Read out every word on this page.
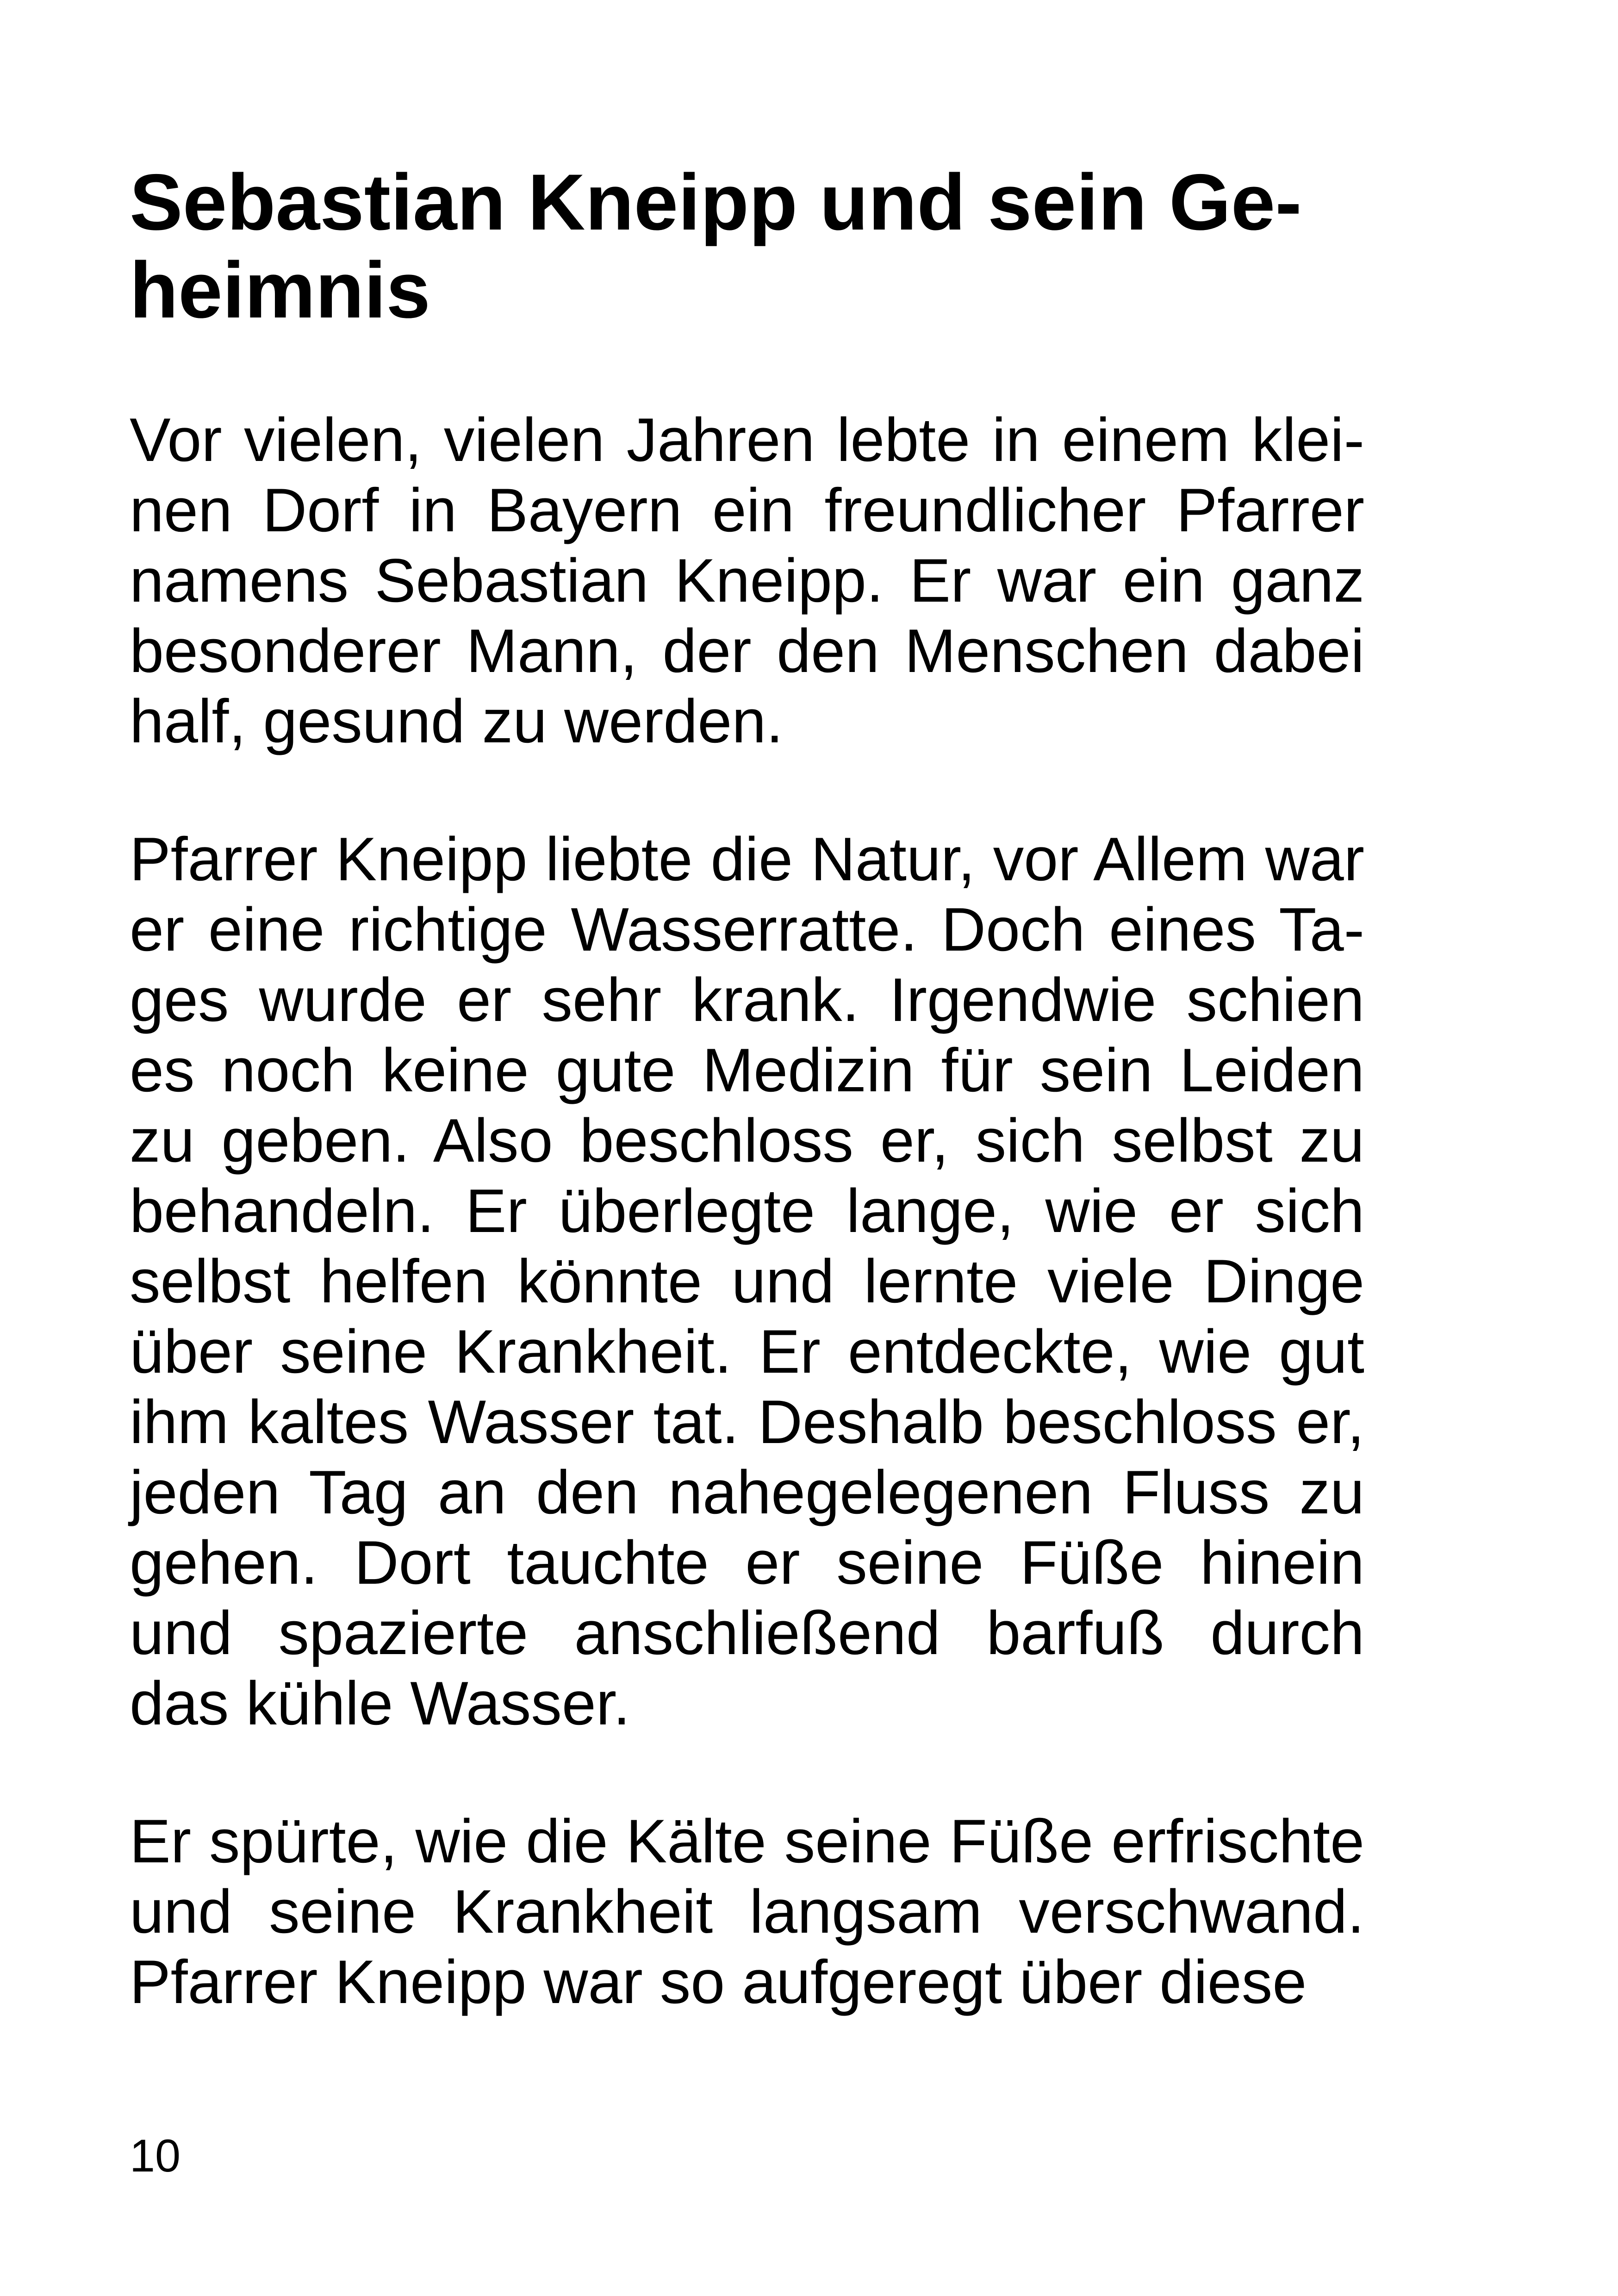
Sebastian Kneipp und sein Ge-
heimnis
Vor vielen, vielen Jahren lebte in einem klei-
nen Dorf in Bayern ein freundlicher Pfarrer
namens Sebastian Kneipp. Er war ein ganz
besonderer Mann, der den Menschen dabei
half, gesund zu werden.
Pfarrer Kneipp liebte die Natur, vor Allem war
er eine richtige Wasserratte. Doch eines Ta-
ges wurde er sehr krank. Irgendwie schien
es noch keine gute Medizin für sein Leiden
zu geben. Also beschloss er, sich selbst zu
behandeln. Er überlegte lange, wie er sich
selbst helfen könnte und lernte viele Dinge
über seine Krankheit. Er entdeckte, wie gut
ihm kaltes Wasser tat. Deshalb beschloss er,
jeden Tag an den nahegelegenen Fluss zu
gehen. Dort tauchte er seine Füße hinein
und spazierte anschließend barfuß durch
das kühle Wasser.
Er spürte, wie die Kälte seine Füße erfrischte
und seine Krankheit langsam verschwand.
Pfarrer Kneipp war so aufgeregt über diese
10
